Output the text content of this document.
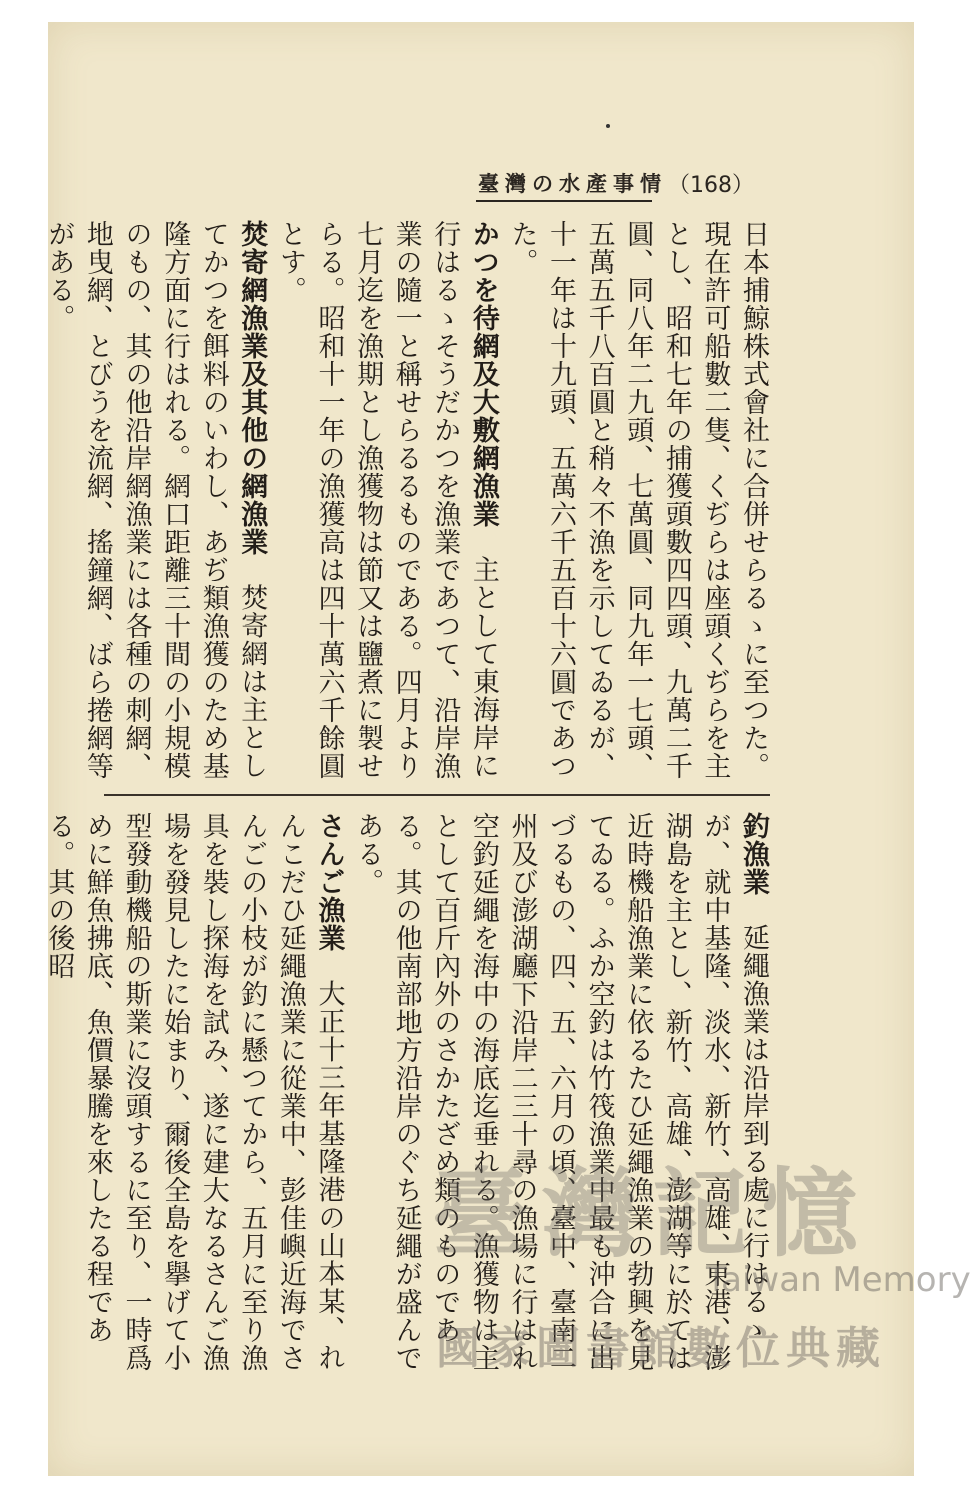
臺灣の水產事情 （168）
日本捕鯨株式會社に合併せらるゝに至つた。現在許可船數二隻、くぢらは座頭くぢらを主とし、昭和七年の捕獲頭數四四頭、九萬二千圓、同八年二九頭、七萬圓、同九年一七頭、五萬五千八百圓と稍々不漁を示してゐるが、十一年は十九頭、五萬六千五百十六圓であつた。
かつを待網及大敷網漁業 主として東海岸に行はるゝそうだかつを漁業であつて、沿岸漁業の隨一と稱せらるるものである。四月より七月迄を漁期とし漁獲物は節又は鹽煮に製せらる。昭和十一年の漁獲高は四十萬六千餘圓とす。
焚寄網漁業及其他の網漁業 焚寄網は主としてかつを餌料のいわし、あぢ類漁獲のため基隆方面に行はれる。網口距離三十間の小規模のもの、其の他沿岸網漁業には各種の刺網、地曳網、とびうを流網、搖鐘網、ばら捲網等がある。
釣漁業 延繩漁業は沿岸到る處に行はるゝが、就中基隆、淡水、新竹、高雄、東港、澎湖島を主とし、新竹、高雄、澎湖等に於ては近時機船漁業に依るたひ延繩漁業の勃興を見てゐる。ふか空釣は竹筏漁業中最も沖合に出づるもの、四、五、六月の頃、臺中、臺南二州及び澎湖廳下沿岸二三十尋の漁場に行はれ空釣延繩を海中の海底迄垂れる。漁獲物は主として百斤內外のさかたざめ類のものである。其の他南部地方沿岸のぐち延繩が盛んである。
さんご漁業 大正十三年基隆港の山本某、れんこだひ延繩漁業に從業中、彭佳嶼近海でさんごの小枝が釣に懸つてから、五月に至り漁具を裝し探海を試み、遂に建大なるさんご漁場を發見したに始まり、爾後全島を擧げて小型發動機船の斯業に沒頭するに至り、一時爲めに鮮魚拂底、魚價暴騰を來したる程である。其の後昭
臺灣記憶
Taiwan Memory
國家圖書館數位典藏
